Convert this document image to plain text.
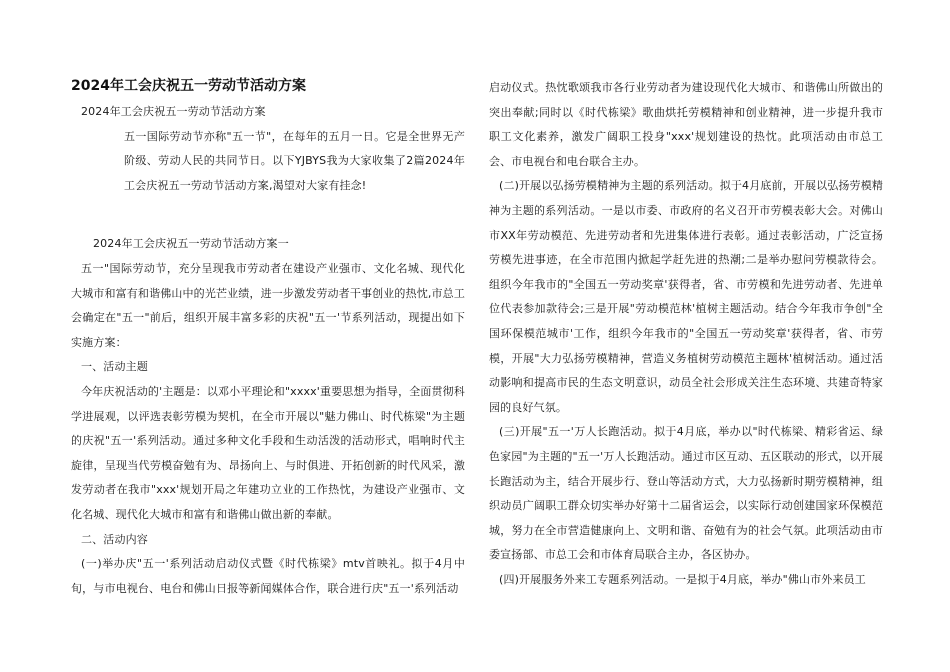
2024年工会庆祝五一劳动节活动方案

2024年工会庆祝五一劳动节活动方案

五一国际劳动节亦称"五一节"，在每年的五月一日。它是全世界无产阶级、劳动人民的共同节日。以下YJBYS我为大家收集了2篇2024年工会庆祝五一劳动节活动方案,渴望对大家有挂念!

2024年工会庆祝五一劳动节活动方案一

五一"国际劳动节，充分呈现我市劳动者在建设产业强市、文化名城、现代化大城市和富有和谐佛山中的光芒业绩，进一步激发劳动者干事创业的热忱,市总工会确定在"五一"前后，组织开展丰富多彩的庆祝"五一'节系列活动，现提出如下实施方案：

一、活动主题

今年庆祝活动的'主题是：以邓小平理论和"xxxx'重要思想为指导，全面贯彻科学进展观，以评选表彰劳模为契机，在全市开展以"魅力佛山、时代栋梁"为主题的庆祝"五一'系列活动。通过多种文化手段和生动活泼的活动形式，唱响时代主旋律，呈现当代劳模奋勉有为、昂扬向上、与时俱进、开拓创新的时代风采，激发劳动者在我市"xxx'规划开局之年建功立业的工作热忱，为建设产业强市、文化名城、现代化大城市和富有和谐佛山做出新的奉献。

二、活动内容

(一)举办庆"五一'系列活动启动仪式暨《时代栋梁》mtv首映礼。拟于4月中旬，与市电视台、电台和佛山日报等新闻媒体合作，联合进行庆"五一'系列活动

启动仪式。热忱歌颂我市各行业劳动者为建设现代化大城市、和谐佛山所做出的突出奉献;同时以《时代栋梁》歌曲烘托劳模精神和创业精神，进一步提升我市职工文化素养，激发广阔职工投身"xxx'规划建设的热忱。此项活动由市总工会、市电视台和电台联合主办。

(二)开展以弘扬劳模精神为主题的系列活动。拟于4月底前，开展以弘扬劳模精神为主题的系列活动。一是以市委、市政府的名义召开市劳模表彰大会。对佛山市XX年劳动模范、先进劳动者和先进集体进行表彰。通过表彰活动，广泛宣扬劳模先进事迹，在全市范围内掀起学赶先进的热潮;二是举办慰问劳模款待会。组织今年我市的"全国五一劳动奖章'获得者，省、市劳模和先进劳动者、先进单位代表参加款待会;三是开展"劳动模范林'植树主题活动。结合今年我市争创"全国环保模范城市'工作，组织今年我市的"全国五一劳动奖章'获得者，省、市劳模，开展"大力弘扬劳模精神，营造义务植树劳动模范主题林'植树活动。通过活动影响和提高市民的生态文明意识，动员全社会形成关注生态环境、共建奇特家园的良好气氛。

(三)开展"五一'万人长跑活动。拟于4月底，举办以"时代栋梁、精彩省运、绿色家园"为主题的"五一'万人长跑活动。通过市区互动、五区联动的形式，以开展长跑活动为主，结合开展步行、登山等活动方式，大力弘扬新时期劳模精神，组织动员广阔职工群众切实举办好第十二届省运会，以实际行动创建国家环保模范城，努力在全市营造健康向上、文明和谐、奋勉有为的社会气氛。此项活动由市委宣扬部、市总工会和市体育局联合主办，各区协办。

(四)开展服务外来工专题系列活动。一是拟于4月底，举办"佛山市外来员工
